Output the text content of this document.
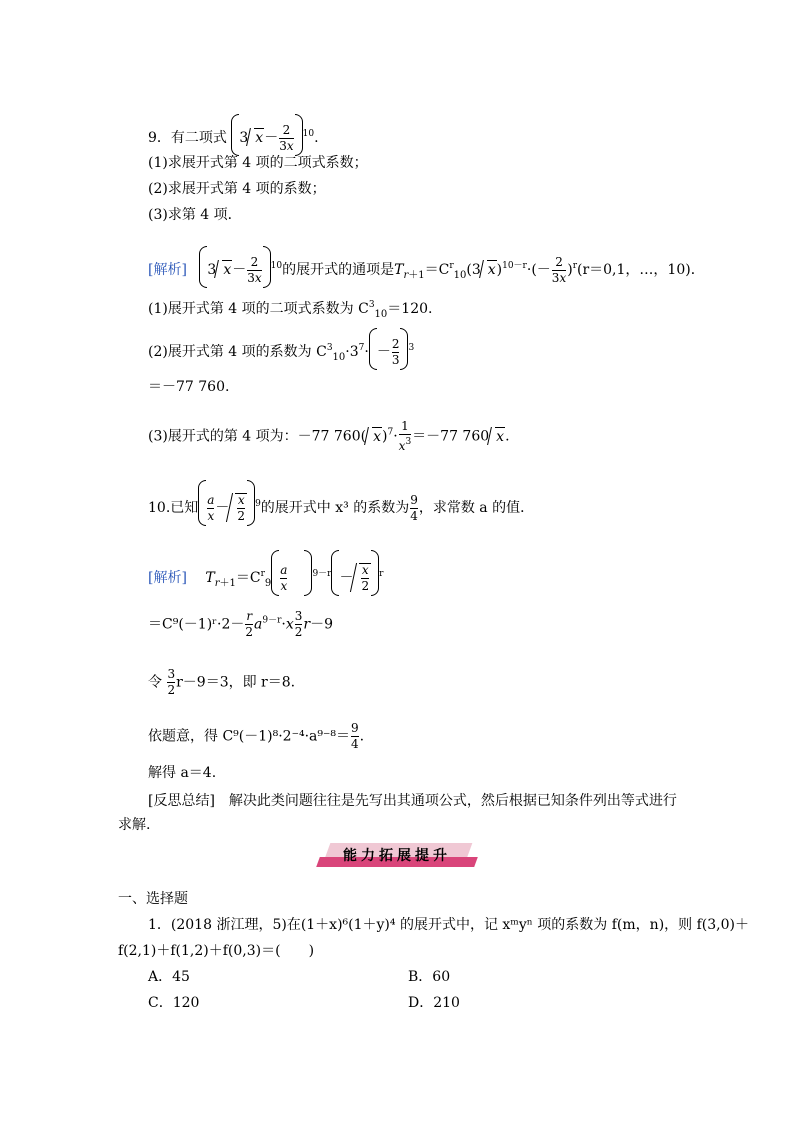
9．有二项式 3 $x- \frac{2}{3x} ^{10}$.
(1)求展开式第 4 项的二项式系数；
(2)求展开式第 4 项的系数；
(3)求第 4 项．
[解析] 3 $x- \frac{2}{3x} ^{10}$的展开式的通项是$T_{r+1}=C^r_{10}(3$ $x)^{10-r}\cdot(- \frac{2}{3x} )^r(r=0,1$，…，10)．
(1)展开式第 4 项的二项式系数为 $C^3_{10}=120$.
(2)展开式第 4 项的系数为 $C^3_{10}\cdot 3^7\cdot - \frac{2}{3} ^3$
＝－77 760.
(3)展开式的第 4 项为：－77 760( $x)^7\cdot \frac{1}{x^3} =-77$ 760 x.
10.已知 $\frac{a}{x} - \frac{x}{2} ^9$的展开式中 x³ 的系数为 $\frac{9}{4}$ ，求常数 a 的值．
[解析] $T_{r+1}=C^r_9 \frac{a}{x}$	$^{9-r} - \frac{x}{2} ^r$
＝C⁹(－1)ʳ·2－ $\frac{r}{2} a^{9-r}\cdot x \frac{3}{2} r-9$
令 $\frac{3}{2} r-9=3$，即 r＝8.
依题意，得 $C^9(-1)^8\cdot 2^{-4}\cdot a^{9-8}= \frac{9}{4}$ .
解得 a＝4.
[反思总结]　解决此类问题往往是先写出其通项公式，然后根据已知条件列出等式进行
求解.
能力拓展提升
一、选择题
1．(2018 浙江理，5)在(1＋x)⁶(1＋y)⁴ 的展开式中，记 xᵐyⁿ 项的系数为 f(m，n)，则 f(3,0)＋
f(2,1)＋f(1,2)＋f(0,3)＝(　　)
A．45	B．60
C．120	D．210
